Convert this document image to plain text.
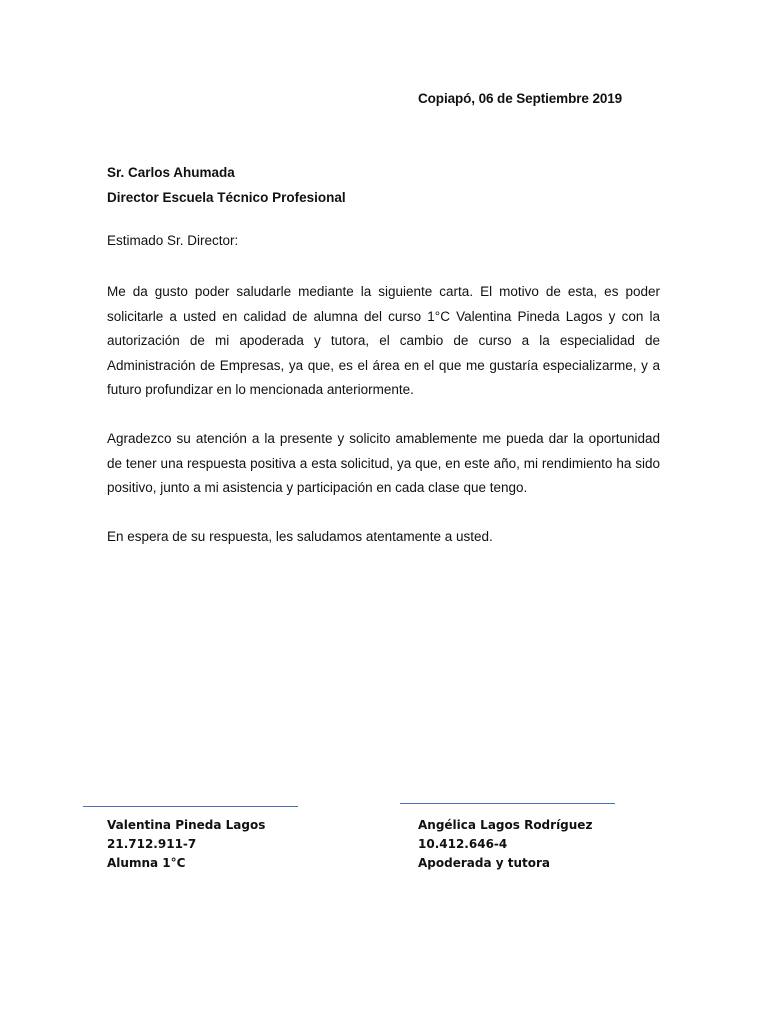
Copiapó, 06 de Septiembre 2019
Sr. Carlos Ahumada
Director Escuela Técnico Profesional
Estimado Sr. Director:
Me da gusto poder saludarle mediante la siguiente carta. El motivo de esta, es poder solicitarle a usted en calidad de alumna del curso 1°C Valentina Pineda Lagos y con la autorización de mi apoderada y tutora, el cambio de curso a la especialidad de Administración de Empresas, ya que, es el área en el que me gustaría especializarme, y a futuro profundizar en lo mencionada anteriormente.
Agradezco su atención a la presente y solicito amablemente me pueda dar la oportunidad de tener una respuesta positiva a esta solicitud, ya que, en este año, mi rendimiento ha sido positivo, junto a mi asistencia y participación en cada clase que tengo.
En espera de su respuesta, les saludamos atentamente a usted.
Valentina Pineda Lagos
21.712.911-7
Alumna 1°C
Angélica Lagos Rodríguez
10.412.646-4
Apoderada y tutora
